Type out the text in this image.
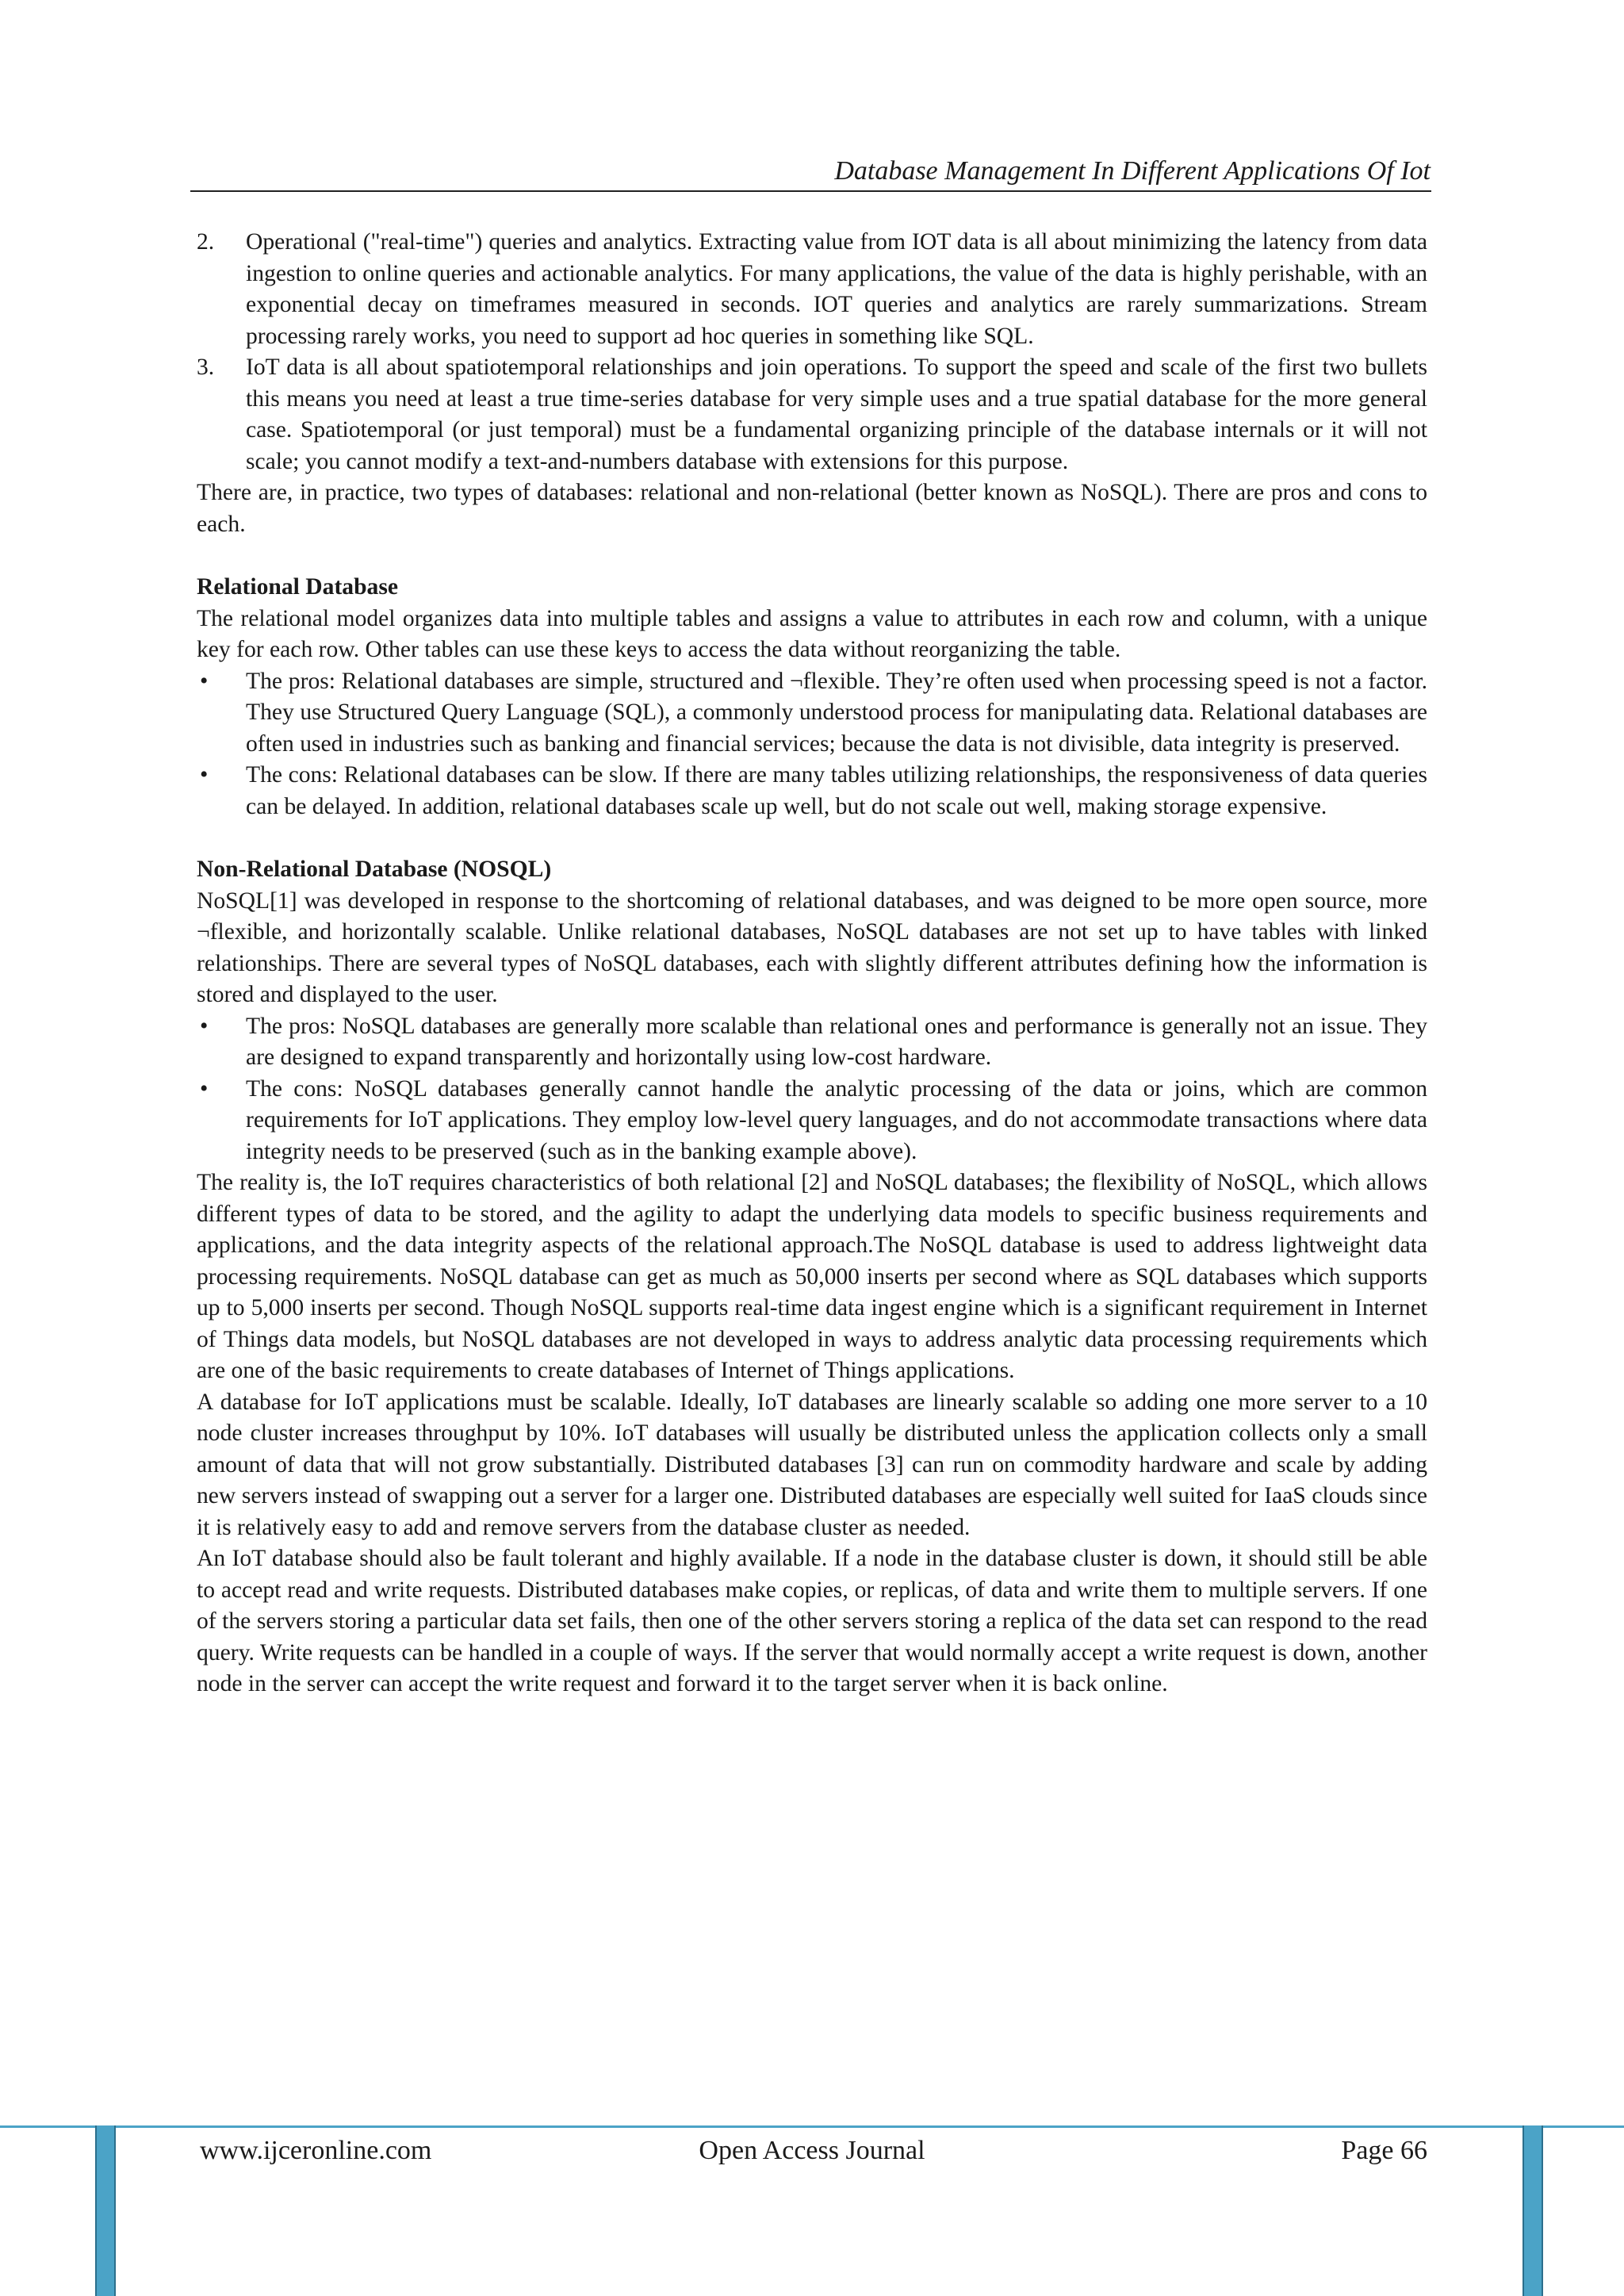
Database Management In Different Applications Of Iot
2. Operational ("real-time") queries and analytics. Extracting value from IOT data is all about minimizing the latency from data ingestion to online queries and actionable analytics. For many applications, the value of the data is highly perishable, with an exponential decay on timeframes measured in seconds. IOT queries and analytics are rarely summarizations. Stream processing rarely works, you need to support ad hoc queries in something like SQL.

3. IoT data is all about spatiotemporal relationships and join operations. To support the speed and scale of the first two bullets this means you need at least a true time-series database for very simple uses and a true spatial database for the more general case. Spatiotemporal (or just temporal) must be a fundamental organizing principle of the database internals or it will not scale; you cannot modify a text-and-numbers database with extensions for this purpose.

There are, in practice, two types of databases: relational and non-relational (better known as NoSQL). There are pros and cons to each.

Relational Database

The relational model organizes data into multiple tables and assigns a value to attributes in each row and column, with a unique key for each row. Other tables can use these keys to access the data without reorganizing the table.

• The pros: Relational databases are simple, structured and ¬flexible. They’re often used when processing speed is not a factor. They use Structured Query Language (SQL), a commonly understood process for manipulating data. Relational databases are often used in industries such as banking and financial services; because the data is not divisible, data integrity is preserved.

• The cons: Relational databases can be slow. If there are many tables utilizing relationships, the responsiveness of data queries can be delayed. In addition, relational databases scale up well, but do not scale out well, making storage expensive.

Non-Relational Database (NOSQL)

NoSQL[1] was developed in response to the shortcoming of relational databases, and was deigned to be more open source, more ¬flexible, and horizontally scalable. Unlike relational databases, NoSQL databases are not set up to have tables with linked relationships. There are several types of NoSQL databases, each with slightly different attributes defining how the information is stored and displayed to the user.

• The pros: NoSQL databases are generally more scalable than relational ones and performance is generally not an issue. They are designed to expand transparently and horizontally using low-cost hardware.

• The cons: NoSQL databases generally cannot handle the analytic processing of the data or joins, which are common requirements for IoT applications. They employ low-level query languages, and do not accommodate transactions where data integrity needs to be preserved (such as in the banking example above).

The reality is, the IoT requires characteristics of both relational [2] and NoSQL databases; the flexibility of NoSQL, which allows different types of data to be stored, and the agility to adapt the underlying data models to specific business requirements and applications, and the data integrity aspects of the relational approach.The NoSQL database is used to address lightweight data processing requirements. NoSQL database can get as much as 50,000 inserts per second where as SQL databases which supports up to 5,000 inserts per second. Though NoSQL supports real-time data ingest engine which is a significant requirement in Internet of Things data models, but NoSQL databases are not developed in ways to address analytic data processing requirements which are one of the basic requirements to create databases of Internet of Things applications.

A database for IoT applications must be scalable. Ideally, IoT databases are linearly scalable so adding one more server to a 10 node cluster increases throughput by 10%. IoT databases will usually be distributed unless the application collects only a small amount of data that will not grow substantially. Distributed databases [3] can run on commodity hardware and scale by adding new servers instead of swapping out a server for a larger one. Distributed databases are especially well suited for IaaS clouds since it is relatively easy to add and remove servers from the database cluster as needed.

An IoT database should also be fault tolerant and highly available. If a node in the database cluster is down, it should still be able to accept read and write requests. Distributed databases make copies, or replicas, of data and write them to multiple servers. If one of the servers storing a particular data set fails, then one of the other servers storing a replica of the data set can respond to the read query. Write requests can be handled in a couple of ways. If the server that would normally accept a write request is down, another node in the server can accept the write request and forward it to the target server when it is back online.

www.ijceronline.com	Open Access Journal	Page 66
